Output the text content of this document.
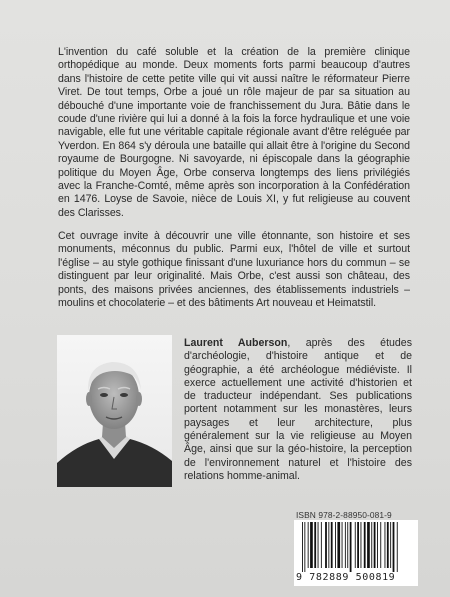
L'invention du café soluble et la création de la première clinique orthopédique au monde. Deux moments forts parmi beaucoup d'autres dans l'histoire de cette petite ville qui vit aussi naître le réformateur Pierre Viret. De tout temps, Orbe a joué un rôle majeur de par sa situation au débouché d'une importante voie de franchissement du Jura. Bâtie dans le coude d'une rivière qui lui a donné à la fois la force hydraulique et une voie navigable, elle fut une véritable capitale régionale avant d'être reléguée par Yverdon. En 864 s'y déroula une bataille qui allait être à l'origine du Second royaume de Bourgogne. Ni savoyarde, ni épiscopale dans la géographie politique du Moyen Âge, Orbe conserva longtemps des liens privilégiés avec la Franche-Comté, même après son incorporation à la Confédération en 1476. Loyse de Savoie, nièce de Louis XI, y fut religieuse au couvent des Clarisses.

Cet ouvrage invite à découvrir une ville étonnante, son histoire et ses monuments, méconnus du public. Parmi eux, l'hôtel de ville et surtout l'église – au style gothique finissant d'une luxuriance hors du commun – se distinguent par leur originalité. Mais Orbe, c'est aussi son château, des ponts, des maisons privées anciennes, des établissements industriels – moulins et chocolaterie – et des bâtiments Art nouveau et Heimatstil.

Laurent Auberson, après des études d'archéologie, d'histoire antique et de géographie, a été archéologue médiéviste. Il exerce actuellement une activité d'historien et de traducteur indépendant. Ses publications portent notamment sur les monastères, leurs paysages et leur architecture, plus généralement sur la vie religieuse au Moyen Âge, ainsi que sur la géo-histoire, la perception de l'environnement naturel et l'histoire des relations homme-animal.

ISBN 978-2-88950-081-9
9 782889 500819
